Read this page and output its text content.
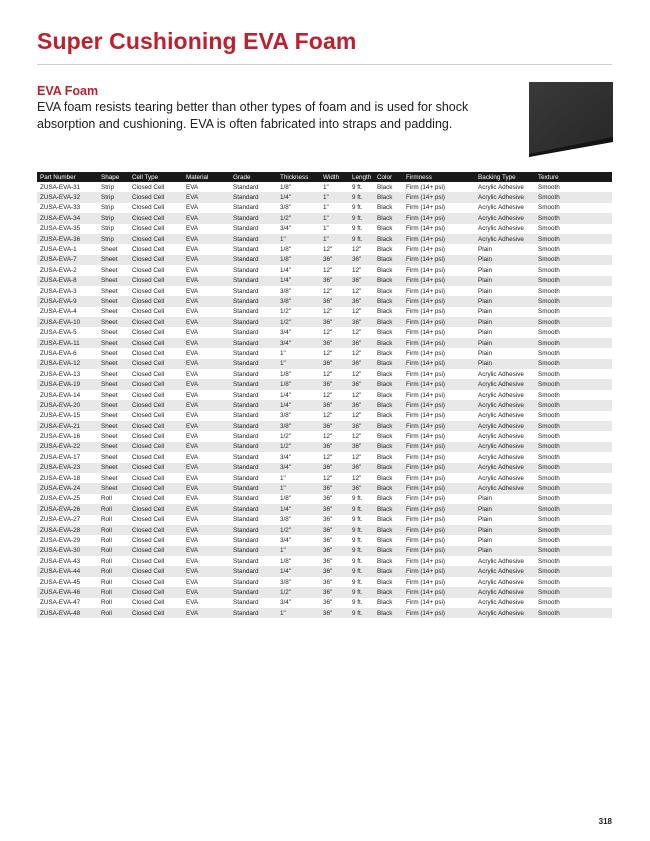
Super Cushioning EVA Foam
EVA Foam

EVA foam resists tearing better than other types of foam and is used for shock absorption and cushioning. EVA is often fabricated into straps and padding.

Part Number	Shape	Cell Type	Material	Grade	Thickness	Width	Length	Color	Firmness	Backing Type	Texture
ZUSA-EVA-31	Strip	Closed Cell	EVA	Standard	1/8"	1"	9 ft.	Black	Firm (14+ psi)	Acrylic Adhesive	Smooth
ZUSA-EVA-32	Strip	Closed Cell	EVA	Standard	1/4"	1"	9 ft.	Black	Firm (14+ psi)	Acrylic Adhesive	Smooth
ZUSA-EVA-33	Strip	Closed Cell	EVA	Standard	3/8"	1"	9 ft.	Black	Firm (14+ psi)	Acrylic Adhesive	Smooth
ZUSA-EVA-34	Strip	Closed Cell	EVA	Standard	1/2"	1"	9 ft.	Black	Firm (14+ psi)	Acrylic Adhesive	Smooth
ZUSA-EVA-35	Strip	Closed Cell	EVA	Standard	3/4"	1"	9 ft.	Black	Firm (14+ psi)	Acrylic Adhesive	Smooth
ZUSA-EVA-36	Strip	Closed Cell	EVA	Standard	1"	1"	9 ft.	Black	Firm (14+ psi)	Acrylic Adhesive	Smooth
ZUSA-EVA-1	Sheet	Closed Cell	EVA	Standard	1/8"	12"	12"	Black	Firm (14+ psi)	Plain	Smooth
ZUSA-EVA-7	Sheet	Closed Cell	EVA	Standard	1/8"	36"	36"	Black	Firm (14+ psi)	Plain	Smooth
ZUSA-EVA-2	Sheet	Closed Cell	EVA	Standard	1/4"	12"	12"	Black	Firm (14+ psi)	Plain	Smooth
ZUSA-EVA-8	Sheet	Closed Cell	EVA	Standard	1/4"	36"	36"	Black	Firm (14+ psi)	Plain	Smooth
ZUSA-EVA-3	Sheet	Closed Cell	EVA	Standard	3/8"	12"	12"	Black	Firm (14+ psi)	Plain	Smooth
ZUSA-EVA-9	Sheet	Closed Cell	EVA	Standard	3/8"	36"	36"	Black	Firm (14+ psi)	Plain	Smooth
ZUSA-EVA-4	Sheet	Closed Cell	EVA	Standard	1/2"	12"	12"	Black	Firm (14+ psi)	Plain	Smooth
ZUSA-EVA-10	Sheet	Closed Cell	EVA	Standard	1/2"	36"	36"	Black	Firm (14+ psi)	Plain	Smooth
ZUSA-EVA-5	Sheet	Closed Cell	EVA	Standard	3/4"	12"	12"	Black	Firm (14+ psi)	Plain	Smooth
ZUSA-EVA-11	Sheet	Closed Cell	EVA	Standard	3/4"	36"	36"	Black	Firm (14+ psi)	Plain	Smooth
ZUSA-EVA-6	Sheet	Closed Cell	EVA	Standard	1"	12"	12"	Black	Firm (14+ psi)	Plain	Smooth
ZUSA-EVA-12	Sheet	Closed Cell	EVA	Standard	1"	36"	36"	Black	Firm (14+ psi)	Plain	Smooth
ZUSA-EVA-13	Sheet	Closed Cell	EVA	Standard	1/8"	12"	12"	Black	Firm (14+ psi)	Acrylic Adhesive	Smooth
ZUSA-EVA-19	Sheet	Closed Cell	EVA	Standard	1/8"	36"	36"	Black	Firm (14+ psi)	Acrylic Adhesive	Smooth
ZUSA-EVA-14	Sheet	Closed Cell	EVA	Standard	1/4"	12"	12"	Black	Firm (14+ psi)	Acrylic Adhesive	Smooth
ZUSA-EVA-20	Sheet	Closed Cell	EVA	Standard	1/4"	36"	36"	Black	Firm (14+ psi)	Acrylic Adhesive	Smooth
ZUSA-EVA-15	Sheet	Closed Cell	EVA	Standard	3/8"	12"	12"	Black	Firm (14+ psi)	Acrylic Adhesive	Smooth
ZUSA-EVA-21	Sheet	Closed Cell	EVA	Standard	3/8"	36"	36"	Black	Firm (14+ psi)	Acrylic Adhesive	Smooth
ZUSA-EVA-16	Sheet	Closed Cell	EVA	Standard	1/2"	12"	12"	Black	Firm (14+ psi)	Acrylic Adhesive	Smooth
ZUSA-EVA-22	Sheet	Closed Cell	EVA	Standard	1/2"	36"	36"	Black	Firm (14+ psi)	Acrylic Adhesive	Smooth
ZUSA-EVA-17	Sheet	Closed Cell	EVA	Standard	3/4"	12"	12"	Black	Firm (14+ psi)	Acrylic Adhesive	Smooth
ZUSA-EVA-23	Sheet	Closed Cell	EVA	Standard	3/4"	36"	36"	Black	Firm (14+ psi)	Acrylic Adhesive	Smooth
ZUSA-EVA-18	Sheet	Closed Cell	EVA	Standard	1"	12"	12"	Black	Firm (14+ psi)	Acrylic Adhesive	Smooth
ZUSA-EVA-24	Sheet	Closed Cell	EVA	Standard	1"	36"	36"	Black	Firm (14+ psi)	Acrylic Adhesive	Smooth
ZUSA-EVA-25	Roll	Closed Cell	EVA	Standard	1/8"	36"	9 ft.	Black	Firm (14+ psi)	Plain	Smooth
ZUSA-EVA-26	Roll	Closed Cell	EVA	Standard	1/4"	36"	9 ft.	Black	Firm (14+ psi)	Plain	Smooth
ZUSA-EVA-27	Roll	Closed Cell	EVA	Standard	3/8"	36"	9 ft.	Black	Firm (14+ psi)	Plain	Smooth
ZUSA-EVA-28	Roll	Closed Cell	EVA	Standard	1/2"	36"	9 ft.	Black	Firm (14+ psi)	Plain	Smooth
ZUSA-EVA-29	Roll	Closed Cell	EVA	Standard	3/4"	36"	9 ft.	Black	Firm (14+ psi)	Plain	Smooth
ZUSA-EVA-30	Roll	Closed Cell	EVA	Standard	1"	36"	9 ft.	Black	Firm (14+ psi)	Plain	Smooth
ZUSA-EVA-43	Roll	Closed Cell	EVA	Standard	1/8"	36"	9 ft.	Black	Firm (14+ psi)	Acrylic Adhesive	Smooth
ZUSA-EVA-44	Roll	Closed Cell	EVA	Standard	1/4"	36"	9 ft.	Black	Firm (14+ psi)	Acrylic Adhesive	Smooth
ZUSA-EVA-45	Roll	Closed Cell	EVA	Standard	3/8"	36"	9 ft.	Black	Firm (14+ psi)	Acrylic Adhesive	Smooth
ZUSA-EVA-46	Roll	Closed Cell	EVA	Standard	1/2"	36"	9 ft.	Black	Firm (14+ psi)	Acrylic Adhesive	Smooth
ZUSA-EVA-47	Roll	Closed Cell	EVA	Standard	3/4"	36"	9 ft.	Black	Firm (14+ psi)	Acrylic Adhesive	Smooth
ZUSA-EVA-48	Roll	Closed Cell	EVA	Standard	1"	36"	9 ft.	Black	Firm (14+ psi)	Acrylic Adhesive	Smooth
318
